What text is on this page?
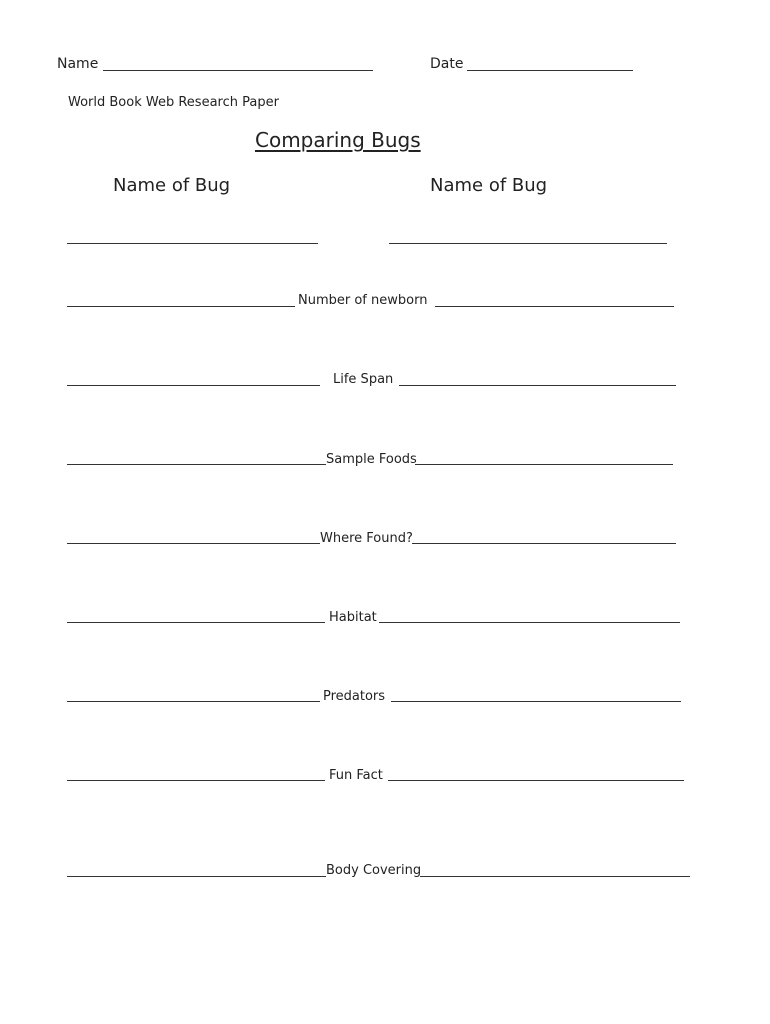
Name	Date
World Book Web Research Paper
Comparing Bugs
Name of Bug	Name of Bug
Number of newborn
Life Span
Sample Foods
Where Found?
Habitat
Predators
Fun Fact
Body Covering
